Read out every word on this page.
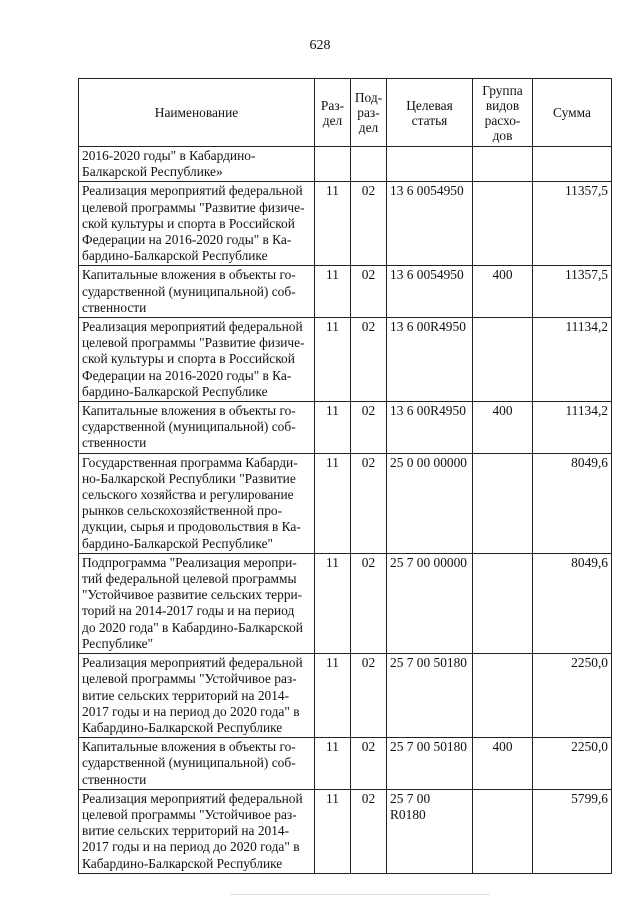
628
Наименование	Раз-дел	Под-раз-дел	Целевая статья	Группа видов расхо-дов	Сумма
2016-2020 годы" в Кабардино-Балкарской Республике»					
Реализация мероприятий федеральной целевой программы "Развитие физиче-ской культуры и спорта в Российской Федерации на 2016-2020 годы" в Ка-бардино-Балкарской Республике	11	02	13 6 0054950		11357,5
Капитальные вложения в объекты го-сударственной (муниципальной) соб-ственности	11	02	13 6 0054950	400	11357,5
Реализация мероприятий федеральной целевой программы "Развитие физиче-ской культуры и спорта в Российской Федерации на 2016-2020 годы" в Ка-бардино-Балкарской Республике	11	02	13 6 00R4950		11134,2
Капитальные вложения в объекты го-сударственной (муниципальной) соб-ственности	11	02	13 6 00R4950	400	11134,2
Государственная программа Кабарди-но-Балкарской Республики "Развитие сельского хозяйства и регулирование рынков сельскохозяйственной про-дукции, сырья и продовольствия в Ка-бардино-Балкарской Республике"	11	02	25 0 00 00000		8049,6
Подпрограмма "Реализация меропри-тий федеральной целевой программы "Устойчивое развитие сельских терри-торий на 2014-2017 годы и на период до 2020 года" в Кабардино-Балкарской Республике"	11	02	25 7 00 00000		8049,6
Реализация мероприятий федеральной целевой программы "Устойчивое раз-витие сельских территорий на 2014-2017 годы и на период до 2020 года" в Кабардино-Балкарской Республике	11	02	25 7 00 50180		2250,0
Капитальные вложения в объекты го-сударственной (муниципальной) соб-ственности	11	02	25 7 00 50180	400	2250,0
Реализация мероприятий федеральной целевой программы "Устойчивое раз-витие сельских территорий на 2014-2017 годы и на период до 2020 года" в Кабардино-Балкарской Республике	11	02	25 7 00 R0180		5799,6
